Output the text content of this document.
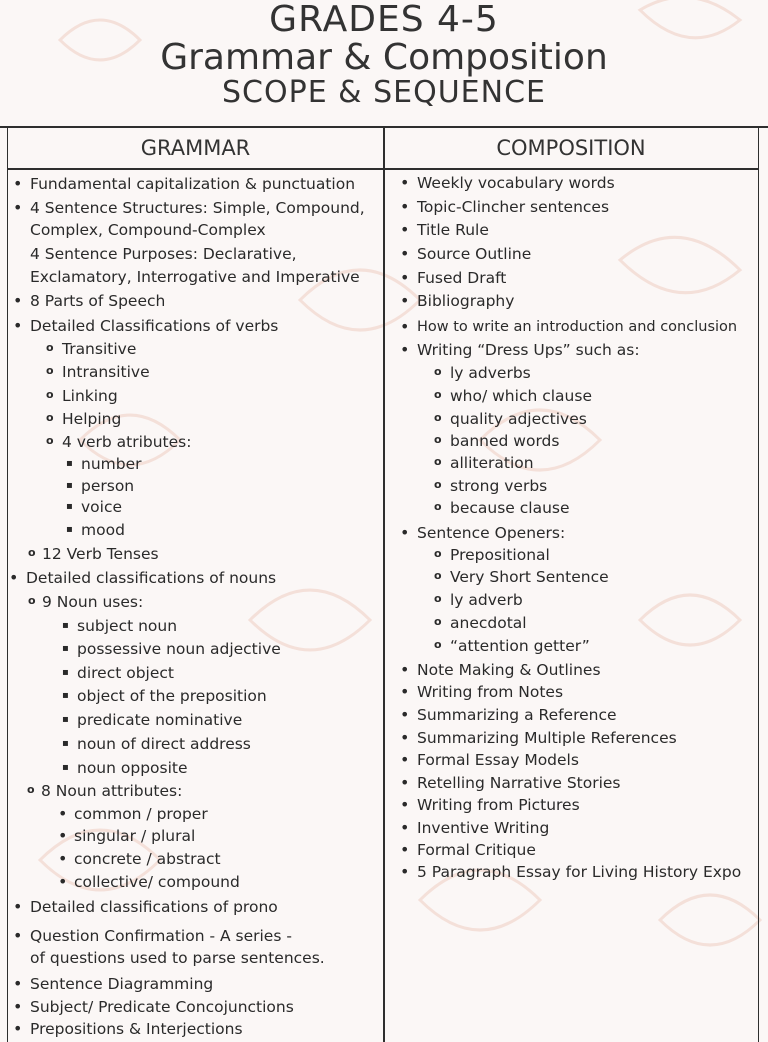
GRADES 4-5
Grammar & Composition
SCOPE & SEQUENCE
GRAMMAR	COMPOSITION
• Fundamental capitalization & punctuation
• 4 Sentence Structures: Simple, Compound,
Complex, Compound-Complex
4 Sentence Purposes: Declarative,
Exclamatory, Interrogative and Imperative
• 8 Parts of Speech
• Detailed Classifications of verbs
o Transitive
o Intransitive
o Linking
o Helping
o 4 verb atributes:
▪ number
▪ person
▪ voice
▪ mood
o 12 Verb Tenses
• Detailed classifications of nouns
o 9 Noun uses:
▪ subject noun
▪ possessive noun adjective
▪ direct object
▪ object of the preposition
▪ predicate nominative
▪ noun of direct address
▪ noun opposite
o 8 Noun attributes:
• common / proper
• singular / plural
• concrete / abstract
• collective/ compound
• Detailed classifications of prono
• Question Confirmation - A series -
of questions used to parse sentences.
• Sentence Diagramming
• Subject/ Predicate Concojunctions
• Prepositions & Interjections
• Weekly vocabulary words
• Topic-Clincher sentences
• Title Rule
• Source Outline
• Fused Draft
• Bibliography
• How to write an introduction and conclusion
• Writing “Dress Ups” such as:
o ly adverbs
o who/ which clause
o quality adjectives
o banned words
o alliteration
o strong verbs
o because clause
• Sentence Openers:
o Prepositional
o Very Short Sentence
o ly adverb
o anecdotal
o “attention getter”
• Note Making & Outlines
• Writing from Notes
• Summarizing a Reference
• Summarizing Multiple References
• Formal Essay Models
• Retelling Narrative Stories
• Writing from Pictures
• Inventive Writing
• Formal Critique
• 5 Paragraph Essay for Living History Expo
